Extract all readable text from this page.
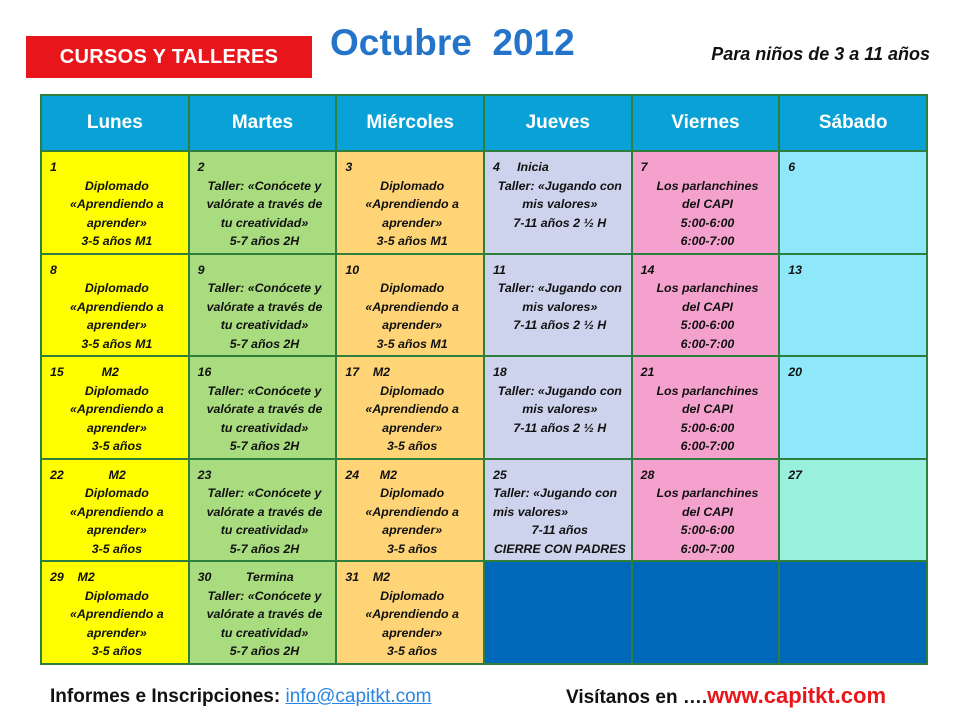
CURSOS Y TALLERES	Octubre  2012	Para niños de 3 a 11 años
Lunes	Martes	Miércoles	Jueves	Viernes	Sábado

1
Diplomado
«Aprendiendo a
aprender»
3-5 años M1	2
Taller: «Conócete y
valórate a través de
tu creatividad»
5-7 años 2H	3
Diplomado
«Aprendiendo a
aprender»
3-5 años M1	4     Inicia
Taller: «Jugando con
mis valores»
7-11 años 2 ½ H	7
Los parlanchines
del CAPI
5:00-6:00
6:00-7:00	6

8
Diplomado
«Aprendiendo a
aprender»
3-5 años M1	9
Taller: «Conócete y
valórate a través de
tu creatividad»
5-7 años 2H	10
Diplomado
«Aprendiendo a
aprender»
3-5 años M1	11
Taller: «Jugando con
mis valores»
7-11 años 2 ½ H	14
Los parlanchines
del CAPI
5:00-6:00
6:00-7:00	13

15           M2
Diplomado
«Aprendiendo a
aprender»
3-5 años	16
Taller: «Conócete y
valórate a través de
tu creatividad»
5-7 años 2H	17    M2
Diplomado
«Aprendiendo a
aprender»
3-5 años	18
Taller: «Jugando con
mis valores»
7-11 años 2 ½ H	21
Los parlanchines
del CAPI
5:00-6:00
6:00-7:00	20

22             M2
Diplomado
«Aprendiendo a
aprender»
3-5 años	23
Taller: «Conócete y
valórate a través de
tu creatividad»
5-7 años 2H	24      M2
Diplomado
«Aprendiendo a
aprender»
3-5 años	25
Taller: «Jugando con
mis valores»
7-11 años
CIERRE CON PADRES	28
Los parlanchines
del CAPI
5:00-6:00
6:00-7:00	27

29    M2
Diplomado
«Aprendiendo a
aprender»
3-5 años	30          Termina
Taller: «Conócete y
valórate a través de
tu creatividad»
5-7 años 2H	31    M2
Diplomado
«Aprendiendo a
aprender»
3-5 años			

Informes e Inscripciones: info@capitkt.com	Visítanos en ….www.capitkt.com
